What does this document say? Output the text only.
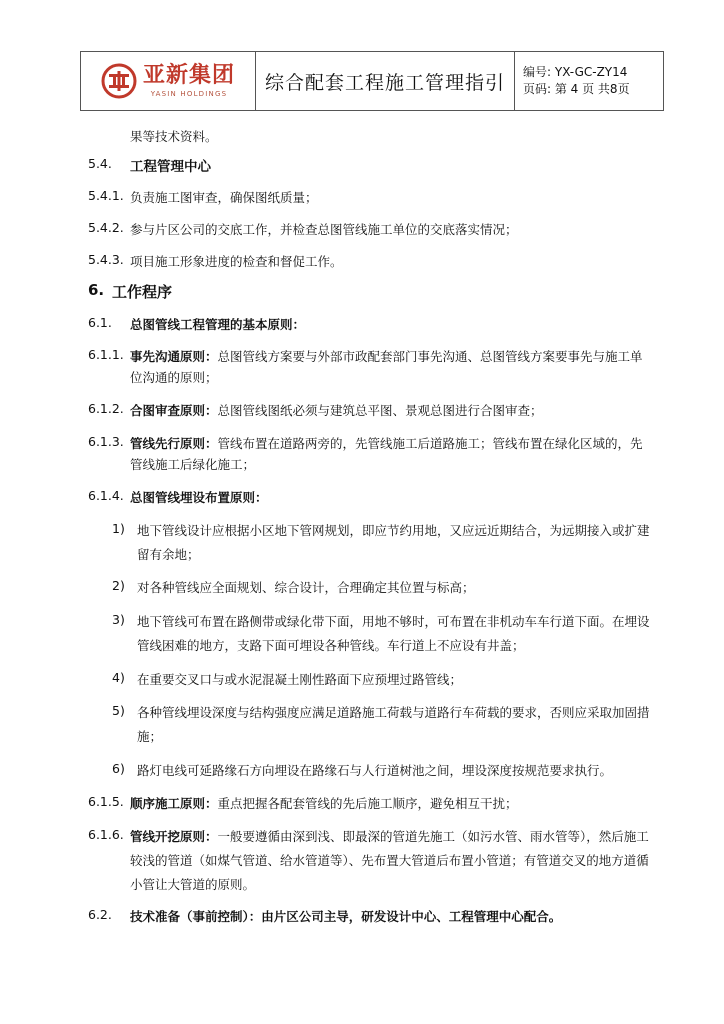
亚新集团
YASIN HOLDINGS	综合配套工程施工管理指引	编号: YX-GC-ZY14
页码: 第 4 页 共8页
果等技术资料。
5.4. 工程管理中心
5.4.1. 负责施工图审查，确保图纸质量；
5.4.2. 参与片区公司的交底工作，并检查总图管线施工单位的交底落实情况；
5.4.3. 项目施工形象进度的检查和督促工作。
6. 工作程序
6.1. 总图管线工程管理的基本原则：
6.1.1. 事先沟通原则：总图管线方案要与外部市政配套部门事先沟通、总图管线方案要事先与施工单
位沟通的原则；
6.1.2. 合图审查原则：总图管线图纸必须与建筑总平图、景观总图进行合图审查；
6.1.3. 管线先行原则：管线布置在道路两旁的，先管线施工后道路施工；管线布置在绿化区域的，先
管线施工后绿化施工；
6.1.4. 总图管线埋设布置原则：
1) 地下管线设计应根据小区地下管网规划，即应节约用地，又应远近期结合，为远期接入或扩建
留有余地；
2) 对各种管线应全面规划、综合设计，合理确定其位置与标高；
3) 地下管线可布置在路侧带或绿化带下面，用地不够时，可布置在非机动车车行道下面。在埋设
管线困难的地方，支路下面可埋设各种管线。车行道上不应设有井盖；
4) 在重要交叉口与或水泥混凝土刚性路面下应预埋过路管线；
5) 各种管线埋设深度与结构强度应满足道路施工荷载与道路行车荷载的要求，否则应采取加固措
施；
6) 路灯电线可延路缘石方向埋设在路缘石与人行道树池之间，埋设深度按规范要求执行。
6.1.5. 顺序施工原则：重点把握各配套管线的先后施工顺序，避免相互干扰；
6.1.6. 管线开挖原则：一般要遵循由深到浅、即最深的管道先施工（如污水管、雨水管等），然后施工
较浅的管道（如煤气管道、给水管道等）、先布置大管道后布置小管道；有管道交叉的地方道循
小管让大管道的原则。
6.2. 技术准备（事前控制）：由片区公司主导，研发设计中心、工程管理中心配合。
